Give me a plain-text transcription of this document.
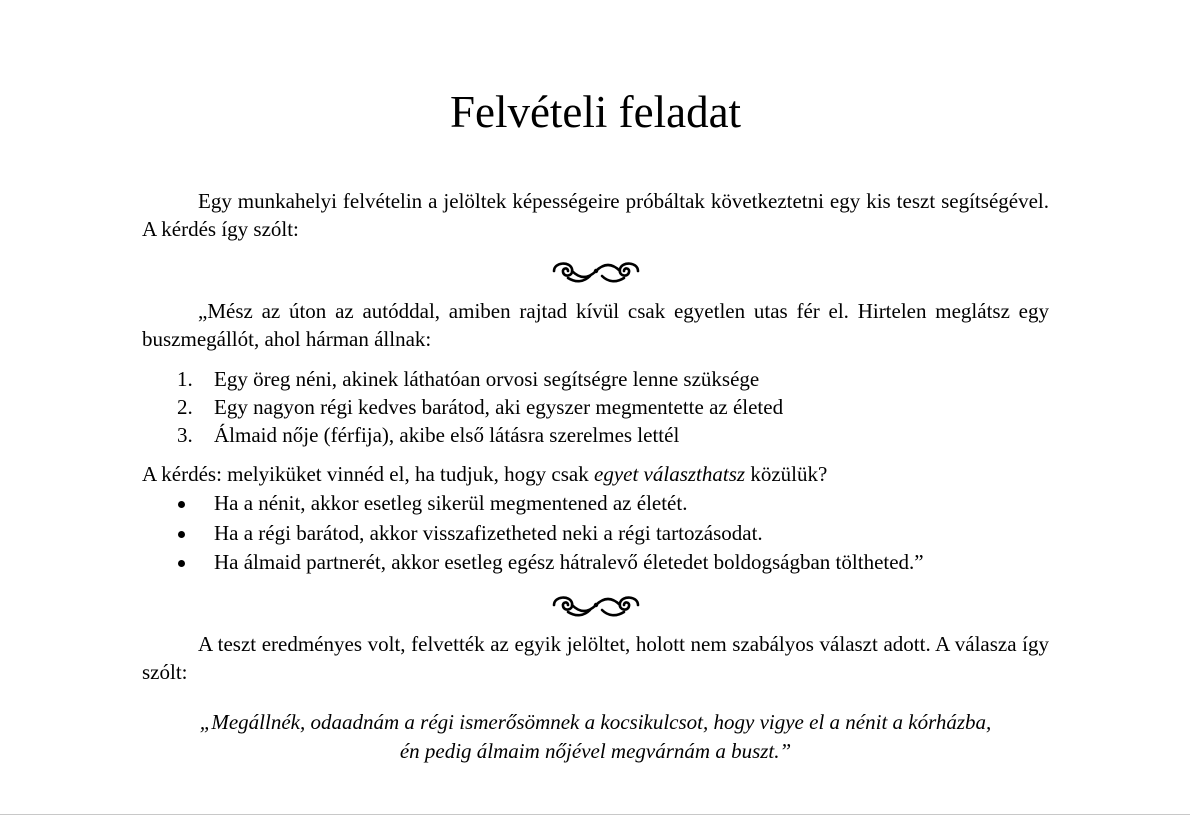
Felvételi feladat

Egy munkahelyi felvételin a jelöltek képességeire próbáltak következtetni egy kis teszt segítségével. A kérdés így szólt:

„Mész az úton az autóddal, amiben rajtad kívül csak egyetlen utas fér el. Hirtelen meglátsz egy buszmegállót, ahol hárman állnak:

1. Egy öreg néni, akinek láthatóan orvosi segítségre lenne szüksége
2. Egy nagyon régi kedves barátod, aki egyszer megmentette az életed
3. Álmaid nője (férfija), akibe első látásra szerelmes lettél

A kérdés: melyiküket vinnéd el, ha tudjuk, hogy csak egyet választhatsz közülük?

Ha a nénit, akkor esetleg sikerül megmentened az életét.
Ha a régi barátod, akkor visszafizetheted neki a régi tartozásodat.
Ha álmaid partnerét, akkor esetleg egész hátralevő életedet boldogságban töltheted.”

A teszt eredményes volt, felvették az egyik jelöltet, holott nem szabályos választ adott. A válasza így szólt:

„Megállnék, odaadnám a régi ismerősömnek a kocsikulcsot, hogy vigye el a nénit a kórházba,
én pedig álmaim nőjével megvárnám a buszt.”
